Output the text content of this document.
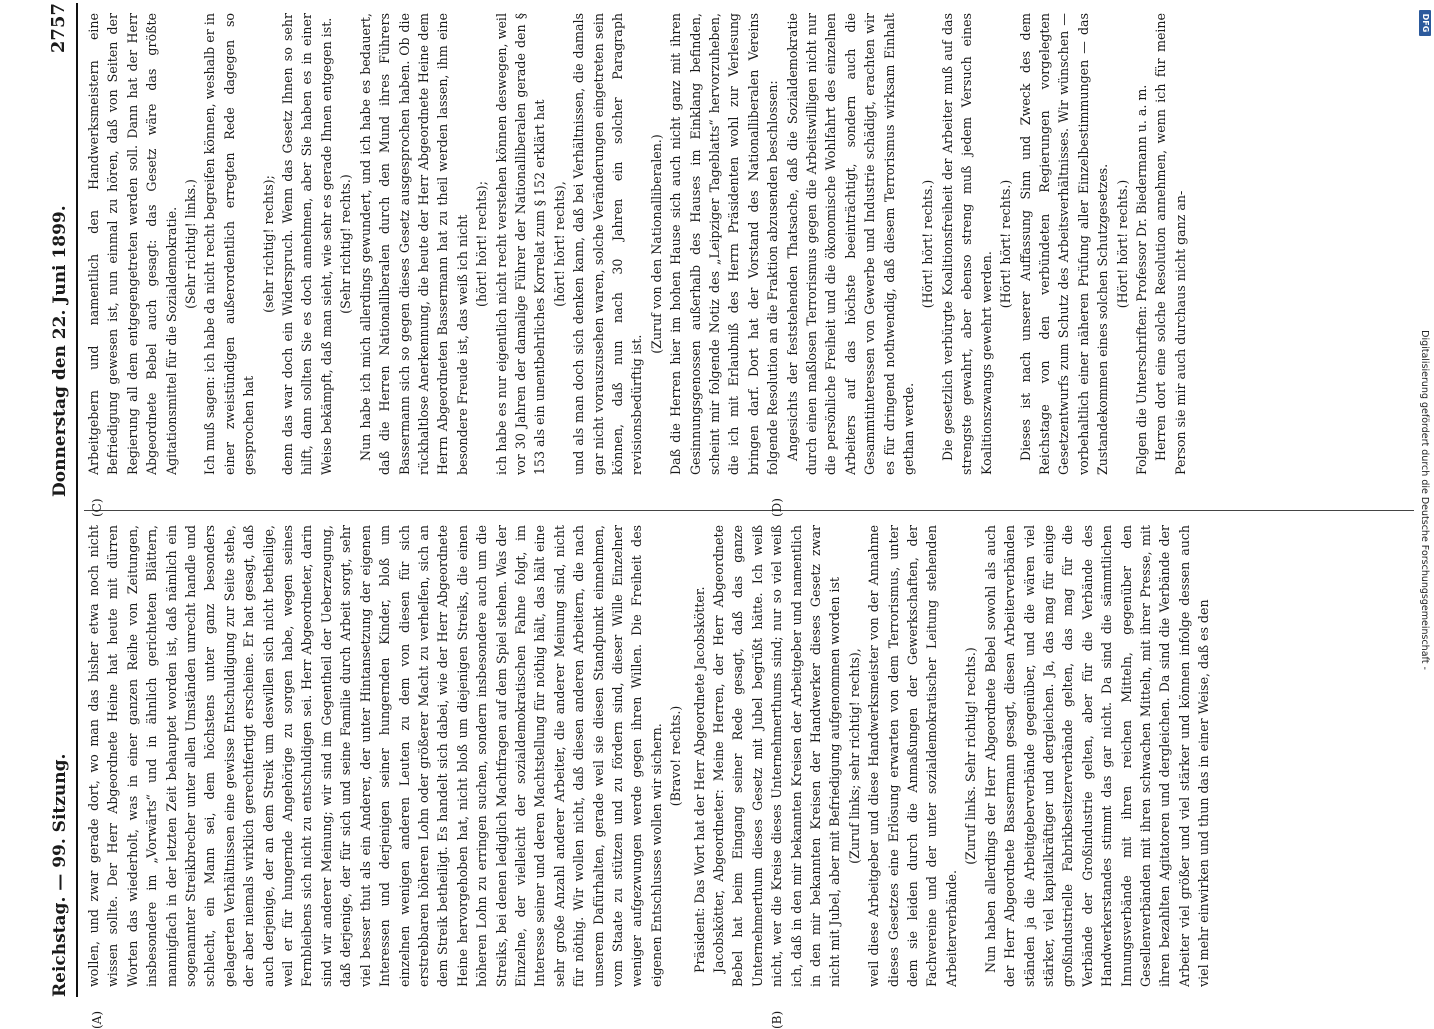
Reichstag. — 99. Sitzung.
Donnerstag den 22. Juni 1899.
2757

wollen, und zwar gerade dort, wo man das bisher etwa noch nicht wissen sollte. Der Herr Abgeordnete Heine hat heute mit dürren Worten das wiederholt, was in einer ganzen Reihe von Zeitungen, insbesondere im „Vorwärts“ und in ähnlich gerichteten Blättern, mannigfach in der letzten Zeit behauptet worden ist, daß nämlich ein sogenannter Streikbrecher unter allen Umständen unrecht handle und schlecht, ein Mann sei, dem höchstens unter ganz besonders gelagerten Verhältnissen eine gewisse Entschuldigung zur Seite stehe, der aber niemals wirklich gerechtfertigt erscheine. Er hat gesagt, daß auch derjenige, der an dem Streik um deswillen sich nicht betheilige, weil er für hungernde Angehörige zu sorgen habe, wegen seines Fernbleibens sich nicht zu entschuldigen sei. Herr Abgeordneter, darin sind wir anderer Meinung; wir sind im Gegentheil der Ueberzeugung, daß derjenige, der für sich und seine Familie durch Arbeit sorgt, sehr viel besser thut als ein Anderer, der unter Hintansetzung der eigenen Interessen und derjenigen seiner hungernden Kinder, bloß um einzelnen wenigen anderen Leuten zu dem von diesen für sich erstrebbaren höheren Lohn oder größerer Macht zu verhelfen, sich an dem Streik betheiligt. Es handelt sich dabei, wie der Herr Abgeordnete Heine hervorgehoben hat, nicht bloß um diejenigen Streiks, die einen höheren Lohn zu erringen suchen, sondern insbesondere auch um die Streiks, bei denen lediglich Machtfragen auf dem Spiel stehen. Was der Einzelne, der vielleicht der sozialdemokratischen Fahne folgt, im Interesse seiner und deren Machtstellung für nöthig hält, das hält eine sehr große Anzahl anderer Arbeiter, die anderer Meinung sind, nicht für nöthig. Wir wollen nicht, daß diesen anderen Arbeitern, die nach unserem Dafürhalten, gerade weil sie diesen Standpunkt einnehmen, vom Staate zu stützen und zu fördern sind, dieser Wille Einzelner weniger aufgezwungen werde gegen ihren Willen. Die Freiheit des eigenen Entschlusses wollen wir sichern. (Bravo! rechts.) Präsident: Das Wort hat der Herr Abgeordnete Jacobskötter. Jacobskötter, Abgeordneter: Meine Herren, der Herr Abgeordnete Bebel hat beim Eingang seiner Rede gesagt, daß das ganze Unternehmerthum dieses Gesetz mit Jubel begrüßt hätte. Ich weiß nicht, wer die Kreise dieses Unternehmerthums sind; nur so viel weiß ich, daß in den mir bekannten Kreisen der Arbeitgeber und namentlich in den mir bekannten Kreisen der Handwerker dieses Gesetz zwar nicht mit Jubel, aber mit Befriedigung aufgenommen worden ist (Zuruf links; sehr richtig! rechts), weil diese Arbeitgeber und diese Handwerksmeister von der Annahme dieses Gesetzes eine Erlösung erwarten von dem Terrorismus, unter dem sie leiden durch die Anmaßungen der Gewerkschaften, der Fachvereine und der unter sozialdemokratischer Leitung stehenden Arbeiterverbände.

(Zuruf links. Sehr richtig! rechts.) Nun haben allerdings der Herr Abgeordnete Bebel sowohl als auch der Herr Abgeordnete Bassermann gesagt, diesen Arbeiterverbänden ständen ja die Arbeitgeberverbände gegenüber, und die wären viel stärker, viel kapitalkräftiger und dergleichen. Ja, das mag für einige großindustrielle Fabrikbesitzerverbände gelten, das mag für die Verbände der Großindustrie gelten, aber für die Verbände des Handwerkerstandes stimmt das gar nicht. Da sind die sämmtlichen Innungsverbände mit ihren reichen Mitteln, gegenüber den Gesellenverbänden mit ihren schwachen Mitteln, mit ihrer Presse, mit ihren bezahlten Agitatoren und dergleichen. Da sind die Verbände der Arbeiter viel größer und viel stärker und können infolge dessen auch viel mehr einwirken und thun das in einer Weise, daß es den

Arbeitgebern und namentlich den Handwerksmeistern eine Befriedigung gewesen ist, nun einmal zu hören, daß von Seiten der Regierung all dem entgegengetreten werden soll. Dann hat der Herr Abgeordnete Bebel auch gesagt: das Gesetz wäre das größte Agitationsmittel für die Sozialdemokratie. (Sehr richtig! links.) Ich muß sagen: ich habe da nicht recht begreifen können, weshalb er in einer zweistündigen außerordentlich erregten Rede dagegen so gesprochen hat

(sehr richtig! rechts); denn das war doch ein Widerspruch. Wenn das Gesetz Ihnen so sehr hilft, dann sollten Sie es doch annehmen, aber Sie haben es in einer Weise bekämpft, daß man sieht, wie sehr es gerade Ihnen entgegen ist. (Sehr richtig! rechts.) Nun habe ich mich allerdings gewundert, und ich habe es bedauert, daß die Herren Nationalliberalen durch den Mund ihres Führers Bassermann sich so gegen dieses Gesetz ausgesprochen haben. Ob die rückhaltlose Anerkennung, die heute der Herr Abgeordnete Heine dem Herrn Abgeordneten Bassermann hat zu theil werden lassen, ihm eine besondere Freude ist, das weiß ich nicht (hört! hört! rechts); ich habe es nur eigentlich nicht recht verstehen können deswegen, weil vor 30 Jahren der damalige Führer der Nationalliberalen gerade den § 153 als ein unentbehrliches Korrelat zum § 152 erklärt hat (hört! hört! rechts), und als man doch sich denken kann, daß bei Verhältnissen, die damals gar nicht vorauszusehen waren, solche Veränderungen eingetreten sein können, daß nun nach 30 Jahren ein solcher Paragraph revisionsbedürftig ist.

(Zuruf von den Nationalliberalen.) Daß die Herren hier im hohen Hause sich auch nicht ganz mit ihren Gesinnungsgenossen außerhalb des Hauses im Einklang befinden, scheint mir folgende Notiz des „Leipziger Tageblatts“ hervorzuheben, die ich mit Erlaubniß des Herrn Präsidenten wohl zur Verlesung bringen darf. Dort hat der Vorstand des Nationalliberalen Vereins folgende Resolution an die Fraktion abzusenden beschlossen: Angesichts der feststehenden Thatsache, daß die Sozialdemokratie durch einen maßlosen Terrorismus gegen die Arbeitswilligen nicht nur die persönliche Freiheit und die ökonomische Wohlfahrt des einzelnen Arbeiters auf das höchste beeinträchtigt, sondern auch die Gesammtinteressen von Gewerbe und Industrie schädigt, erachten wir es für dringend nothwendig, daß diesem Terrorismus wirksam Einhalt gethan werde.

(Hört! hört! rechts.) Die gesetzlich verbürgte Koalitionsfreiheit der Arbeiter muß auf das strengste gewahrt, aber ebenso streng muß jedem Versuch eines Koalitionszwangs gewehrt werden.

(Hört! hört! rechts.) Dieses ist nach unserer Auffassung Sinn und Zweck des dem Reichstage von den verbündeten Regierungen vorgelegten Gesetzentwurfs zum Schutz des Arbeitsverhältnisses. Wir wünschen — vorbehaltlich einer näheren Prüfung aller Einzelbestimmungen — das Zustandekommen eines solchen Schutzgesetzes. (Hört! hört! rechts.) Folgen die Unterschriften: Professor Dr. Biedermann u. a. m. Herren dort eine solche Resolution annehmen, wenn ich für meine Person sie mir auch durchaus nicht ganz an-

(A)	(B)
(C)	(D)
DFG
Digitalisierung gefördert durch die Deutsche Forschungsgemeinschaft -
